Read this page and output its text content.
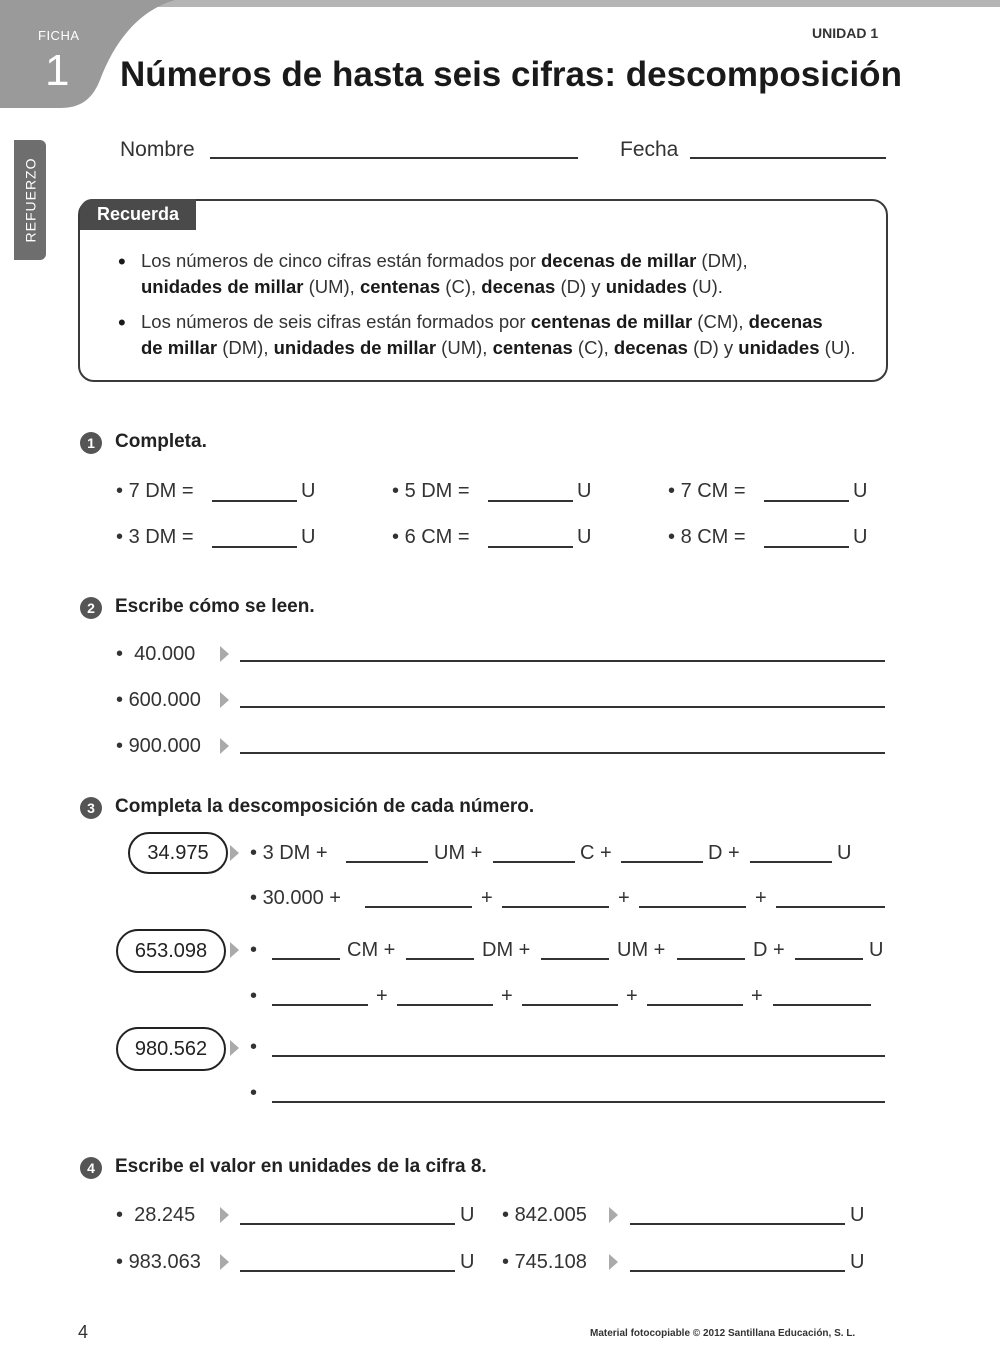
FICHA
1
UNIDAD 1
Números de hasta seis cifras: descomposición
REFUERZO
Nombre	Fecha
Recuerda
• Los números de cinco cifras están formados por decenas de millar (DM),
unidades de millar (UM), centenas (C), decenas (D) y unidades (U).
• Los números de seis cifras están formados por centenas de millar (CM), decenas
de millar (DM), unidades de millar (UM), centenas (C), decenas (D) y unidades (U).
1	Completa.
• 7 DM =	U	• 5 DM =	U	• 7 CM =	U
• 3 DM =	U	• 6 CM =	U	• 8 CM =	U
2	Escribe cómo se leen.
•  40.000
• 600.000
• 900.000
3	Completa la descomposición de cada número.
34.975	• 3 DM +	UM +	C +	D +	U
• 30.000 +	+	+	+
653.098	•	CM +	DM +	UM +	D +	U
•	+	+	+	+
980.562	•
•
4	Escribe el valor en unidades de la cifra 8.
•  28.245	U • 842.005	U
• 983.063	U • 745.108	U
4	Material fotocopiable © 2012 Santillana Educación, S. L.
